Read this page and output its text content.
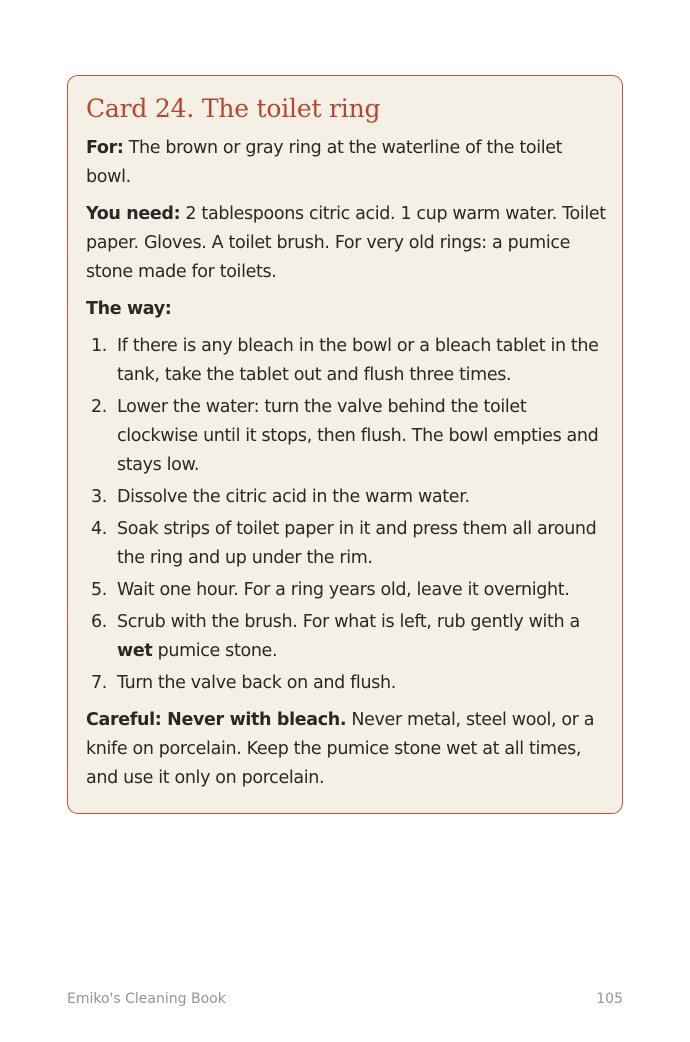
Card 24. The toilet ring

For: The brown or gray ring at the waterline of the toilet bowl.

You need: 2 tablespoons citric acid. 1 cup warm water. Toilet paper. Gloves. A toilet brush. For very old rings: a pumice stone made for toilets.

The way:

1. If there is any bleach in the bowl or a bleach tablet in the tank, take the tablet out and flush three times.
2. Lower the water: turn the valve behind the toilet clockwise until it stops, then flush. The bowl empties and stays low.
3. Dissolve the citric acid in the warm water.
4. Soak strips of toilet paper in it and press them all around the ring and up under the rim.
5. Wait one hour. For a ring years old, leave it overnight.
6. Scrub with the brush. For what is left, rub gently with a wet pumice stone.
7. Turn the valve back on and flush.

Careful: Never with bleach. Never metal, steel wool, or a knife on porcelain. Keep the pumice stone wet at all times, and use it only on porcelain.

Emiko's Cleaning Book	105
